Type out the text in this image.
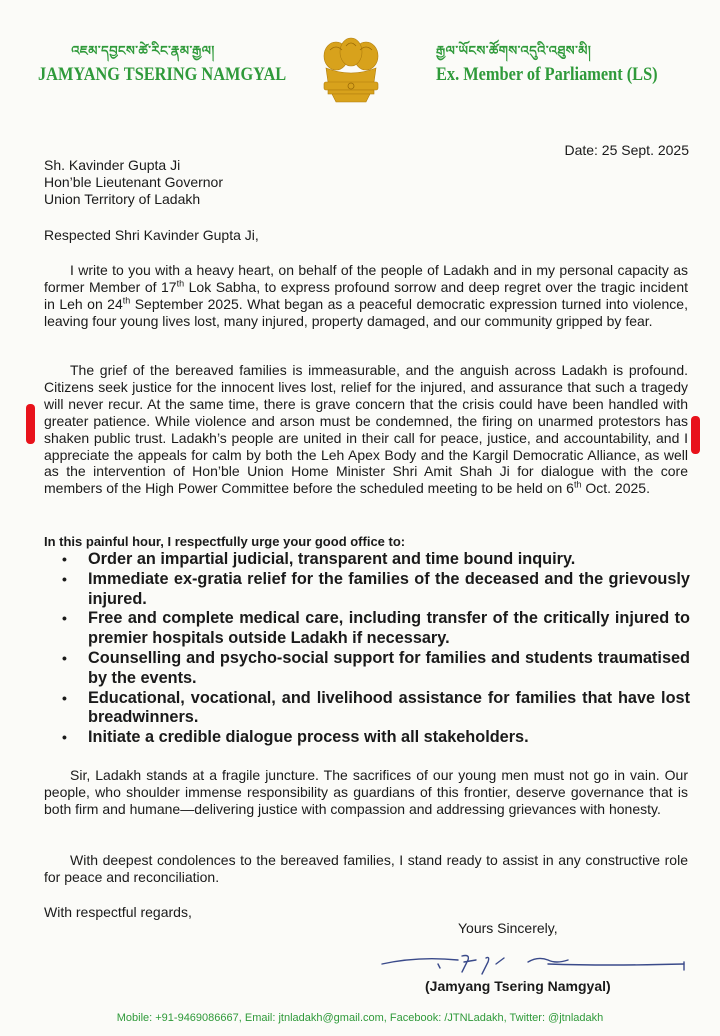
འཇམ་དབྱངས་ཚེ་རིང་རྣམ་རྒྱལ།
JAMYANG TSERING NAMGYAL
རྒྱལ་ཡོངས་ཚོགས་འདུའི་འཐུས་མི།
Ex. Member of Parliament (LS)
Date: 25 Sept. 2025
Sh. Kavinder Gupta Ji
Hon’ble Lieutenant Governor
Union Territory of Ladakh
Respected Shri Kavinder Gupta Ji,
I write to you with a heavy heart, on behalf of the people of Ladakh and in my personal capacity as former Member of 17th Lok Sabha, to express profound sorrow and deep regret over the tragic incident in Leh on 24th September 2025. What began as a peaceful democratic expression turned into violence, leaving four young lives lost, many injured, property damaged, and our community gripped by fear.
The grief of the bereaved families is immeasurable, and the anguish across Ladakh is profound. Citizens seek justice for the innocent lives lost, relief for the injured, and assurance that such a tragedy will never recur. At the same time, there is grave concern that the crisis could have been handled with greater patience. While violence and arson must be condemned, the firing on unarmed protestors has shaken public trust. Ladakh’s people are united in their call for peace, justice, and accountability, and I appreciate the appeals for calm by both the Leh Apex Body and the Kargil Democratic Alliance, as well as the intervention of Hon’ble Union Home Minister Shri Amit Shah Ji for dialogue with the core members of the High Power Committee before the scheduled meeting to be held on 6th Oct. 2025.
In this painful hour, I respectfully urge your good office to:
• Order an impartial judicial, transparent and time bound inquiry.
• Immediate ex-gratia relief for the families of the deceased and the grievously injured.
• Free and complete medical care, including transfer of the critically injured to premier hospitals outside Ladakh if necessary.
• Counselling and psycho-social support for families and students traumatised by the events.
• Educational, vocational, and livelihood assistance for families that have lost breadwinners.
• Initiate a credible dialogue process with all stakeholders.
Sir, Ladakh stands at a fragile juncture. The sacrifices of our young men must not go in vain. Our people, who shoulder immense responsibility as guardians of this frontier, deserve governance that is both firm and humane—delivering justice with compassion and addressing grievances with honesty.
With deepest condolences to the bereaved families, I stand ready to assist in any constructive role for peace and reconciliation.
With respectful regards,
Yours Sincerely,
(Jamyang Tsering Namgyal)
Mobile: +91-9469086667, Email: jtnladakh@gmail.com, Facebook: /JTNLadakh, Twitter: @jtnladakh
